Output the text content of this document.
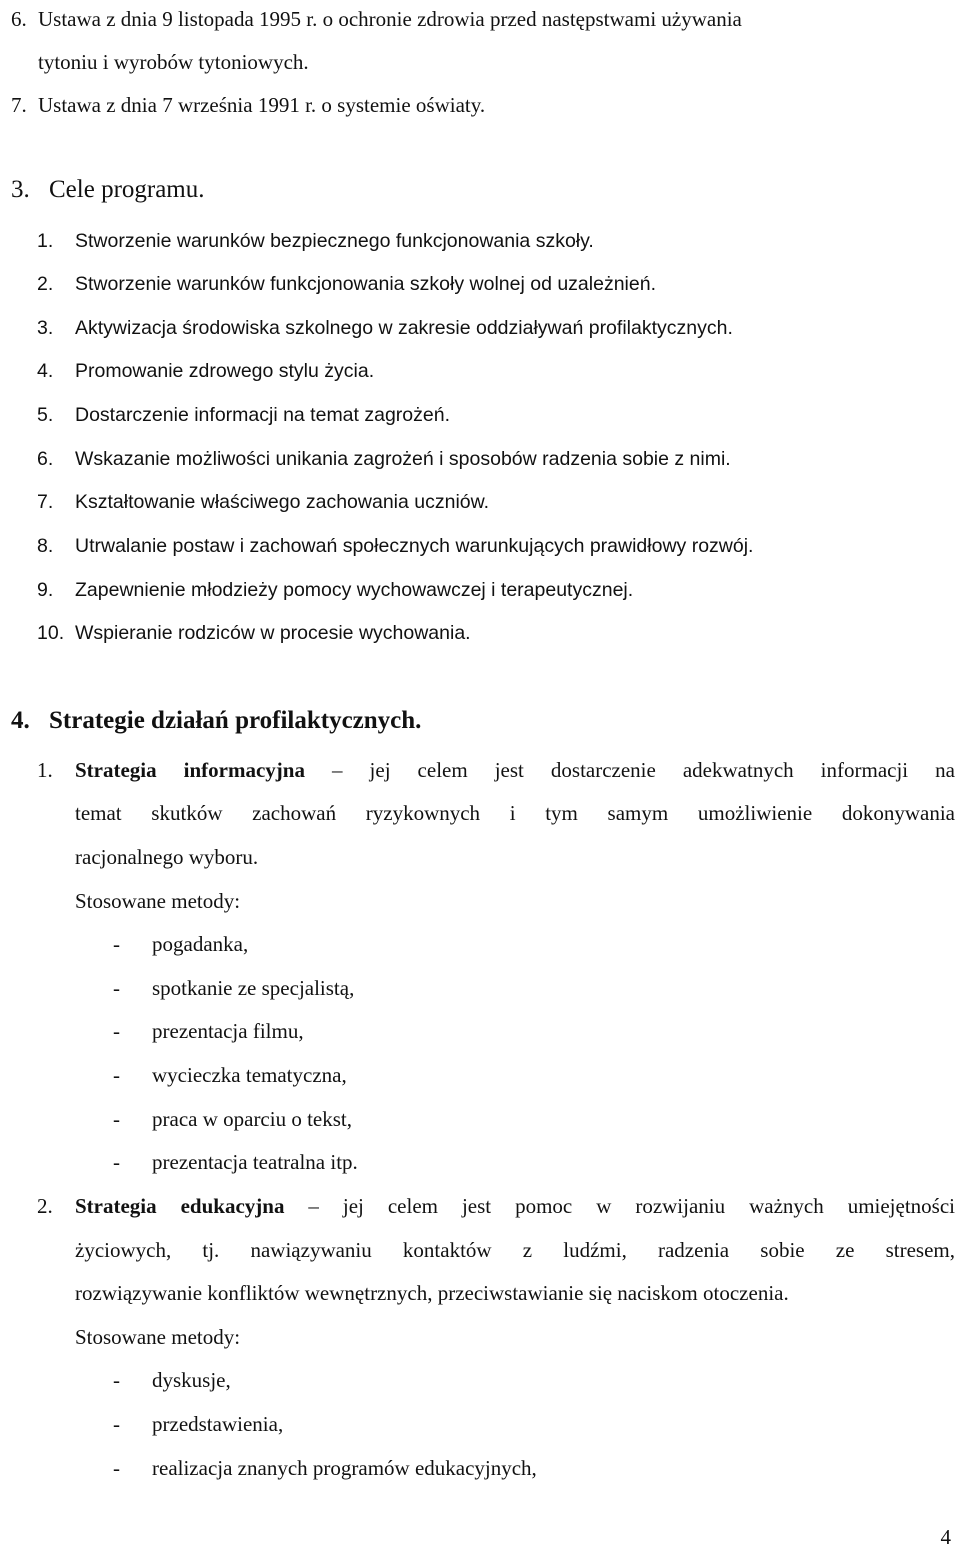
6. Ustawa z dnia 9 listopada 1995 r. o ochronie zdrowia przed następstwami używania
tytoniu i wyrobów tytoniowych.
7. Ustawa z dnia 7 września 1991 r. o systemie oświaty.
3. Cele programu.
1. Stworzenie warunków bezpiecznego funkcjonowania szkoły.
2. Stworzenie warunków funkcjonowania szkoły wolnej od uzależnień.
3. Aktywizacja środowiska szkolnego w zakresie oddziaływań profilaktycznych.
4. Promowanie zdrowego stylu życia.
5. Dostarczenie informacji na temat zagrożeń.
6. Wskazanie możliwości unikania zagrożeń i sposobów radzenia sobie z nimi.
7. Kształtowanie właściwego zachowania uczniów.
8. Utrwalanie postaw i zachowań społecznych warunkujących prawidłowy rozwój.
9. Zapewnienie młodzieży pomocy wychowawczej i terapeutycznej.
10. Wspieranie rodziców w procesie wychowania.
4. Strategie działań profilaktycznych.
1. Strategia informacyjna – jej celem jest dostarczenie adekwatnych informacji na
temat skutków zachowań ryzykownych i tym samym umożliwienie dokonywania
racjonalnego wyboru.
Stosowane metody:
- pogadanka,
- spotkanie ze specjalistą,
- prezentacja filmu,
- wycieczka tematyczna,
- praca w oparciu o tekst,
- prezentacja teatralna itp.
2. Strategia edukacyjna – jej celem jest pomoc w rozwijaniu ważnych umiejętności
życiowych, tj. nawiązywaniu kontaktów z ludźmi, radzenia sobie ze stresem,
rozwiązywanie konfliktów wewnętrznych, przeciwstawianie się naciskom otoczenia.
Stosowane metody:
- dyskusje,
- przedstawienia,
- realizacja znanych programów edukacyjnych,
4
